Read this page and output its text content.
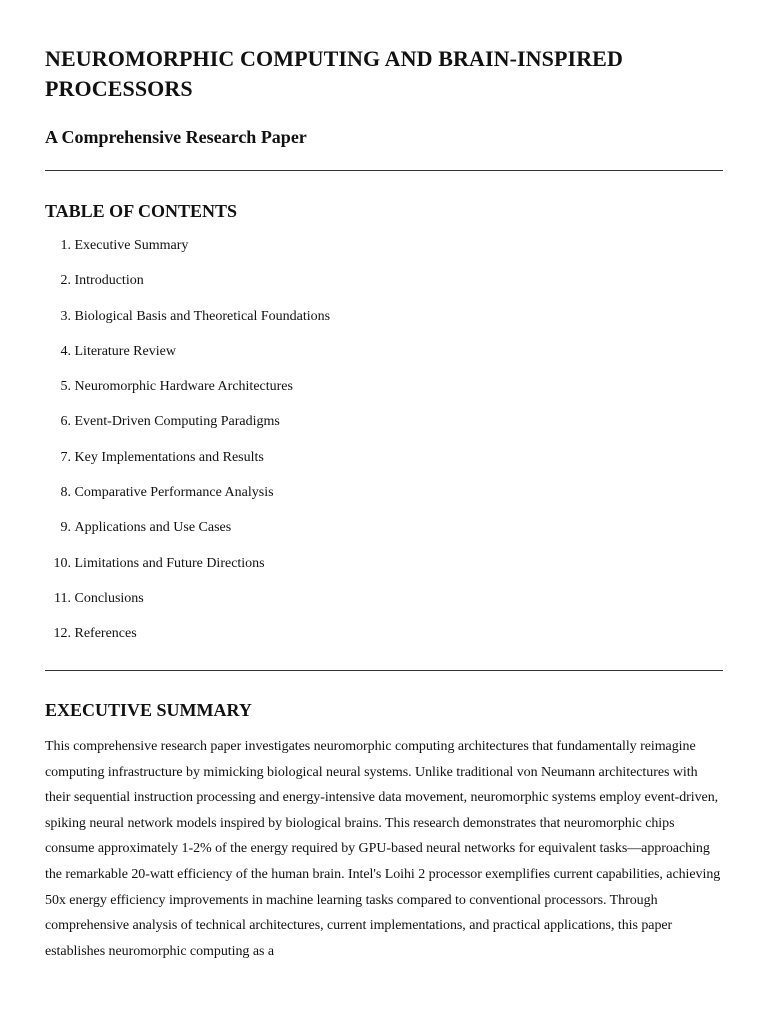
NEUROMORPHIC COMPUTING AND BRAIN-INSPIRED PROCESSORS
A Comprehensive Research Paper
TABLE OF CONTENTS
1.
Executive Summary
2.
Introduction
3.
Biological Basis and Theoretical Foundations
4.
Literature Review
5.
Neuromorphic Hardware Architectures
6.
Event-Driven Computing Paradigms
7.
Key Implementations and Results
8.
Comparative Performance Analysis
9.
Applications and Use Cases
10.
Limitations and Future Directions
11.
Conclusions
12.
References
EXECUTIVE SUMMARY

This comprehensive research paper investigates neuromorphic computing architectures that fundamentally reimagine computing infrastructure by mimicking biological neural systems. Unlike traditional von Neumann architectures with their sequential instruction processing and energy-intensive data movement, neuromorphic systems employ event-driven, spiking neural network models inspired by biological brains. This research demonstrates that neuromorphic chips consume approximately 1-2% of the energy required by GPU-based neural networks for equivalent tasks—approaching the remarkable 20-watt efficiency of the human brain. Intel's Loihi 2 processor exemplifies current capabilities, achieving 50x energy efficiency improvements in machine learning tasks compared to conventional processors. Through comprehensive analysis of technical architectures, current implementations, and practical applications, this paper establishes neuromorphic computing as a
